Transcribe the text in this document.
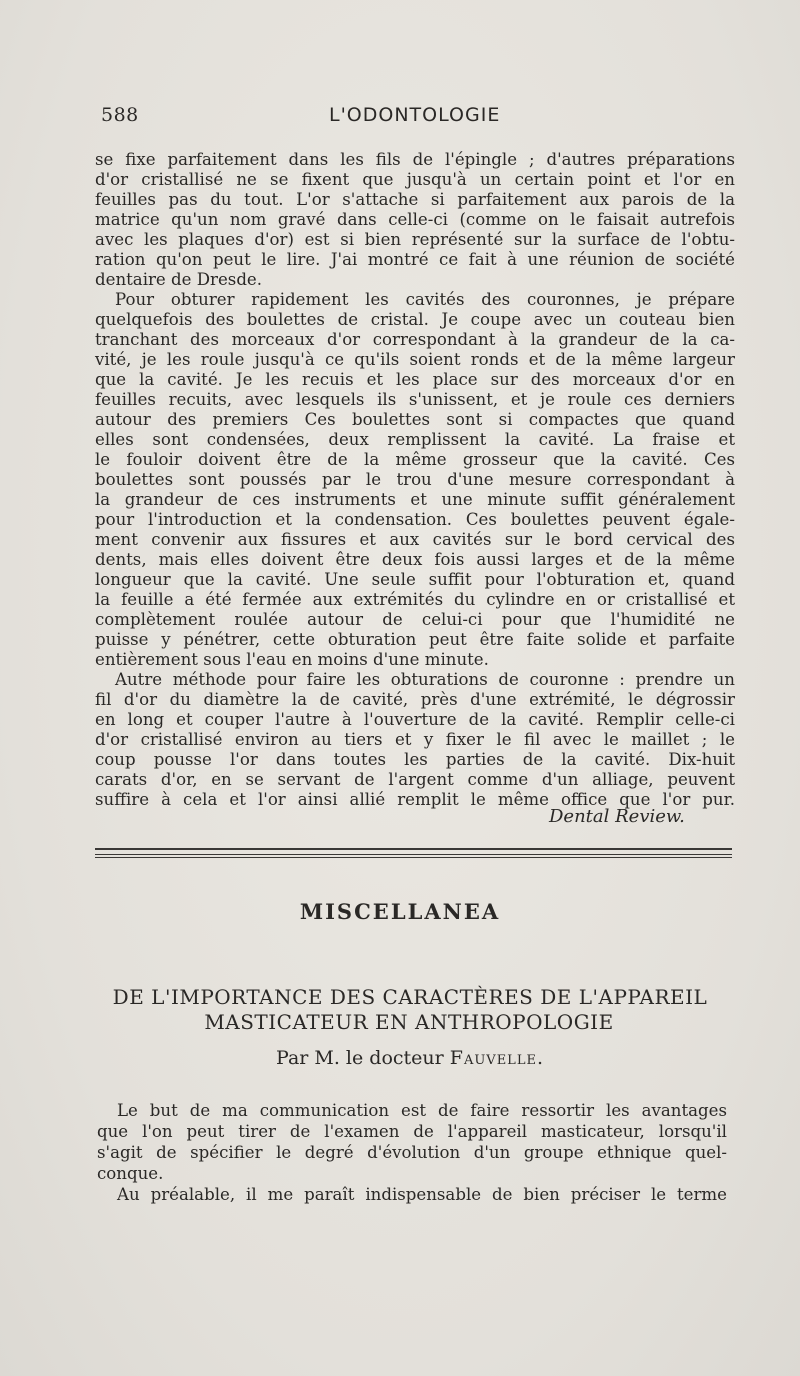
588	L'ODONTOLOGIE
se fixe parfaitement dans les fils de l'épingle ; d'autres préparations
d'or cristallisé ne se fixent que jusqu'à un certain point et l'or en
feuilles pas du tout. L'or s'attache si parfaitement aux parois de la
matrice qu'un nom gravé dans celle-ci (comme on le faisait autrefois
avec les plaques d'or) est si bien représenté sur la surface de l'obtu-
ration qu'on peut le lire. J'ai montré ce fait à une réunion de société
dentaire de Dresde.
Pour obturer rapidement les cavités des couronnes, je prépare
quelquefois des boulettes de cristal. Je coupe avec un couteau bien
tranchant des morceaux d'or correspondant à la grandeur de la ca-
vité, je les roule jusqu'à ce qu'ils soient ronds et de la même largeur
que la cavité. Je les recuis et les place sur des morceaux d'or en
feuilles recuits, avec lesquels ils s'unissent, et je roule ces derniers
autour des premiers Ces boulettes sont si compactes que quand
elles sont condensées, deux remplissent la cavité. La fraise et
le fouloir doivent être de la même grosseur que la cavité. Ces
boulettes sont poussés par le trou d'une mesure correspondant à
la grandeur de ces instruments et une minute suffit généralement
pour l'introduction et la condensation. Ces boulettes peuvent égale-
ment convenir aux fissures et aux cavités sur le bord cervical des
dents, mais elles doivent être deux fois aussi larges et de la même
longueur que la cavité. Une seule suffit pour l'obturation et, quand
la feuille a été fermée aux extrémités du cylindre en or cristallisé et
complètement roulée autour de celui-ci pour que l'humidité ne
puisse y pénétrer, cette obturation peut être faite solide et parfaite
entièrement sous l'eau en moins d'une minute.
Autre méthode pour faire les obturations de couronne : prendre un
fil d'or du diamètre la de cavité, près d'une extrémité, le dégrossir
en long et couper l'autre à l'ouverture de la cavité. Remplir celle-ci
d'or cristallisé environ au tiers et y fixer le fil avec le maillet ; le
coup pousse l'or dans toutes les parties de la cavité. Dix-huit
carats d'or, en se servant de l'argent comme d'un alliage, peuvent
suffire à cela et l'or ainsi allié remplit le même office que l'or pur.
Dental Review.
MISCELLANEA
DE L'IMPORTANCE DES CARACTÈRES DE L'APPAREIL
MASTICATEUR EN ANTHROPOLOGIE
Par M. le docteur Fauvelle.
Le but de ma communication est de faire ressortir les avantages
que l'on peut tirer de l'examen de l'appareil masticateur, lorsqu'il
s'agit de spécifier le degré d'évolution d'un groupe ethnique quel-
conque.
Au préalable, il me paraît indispensable de bien préciser le terme
